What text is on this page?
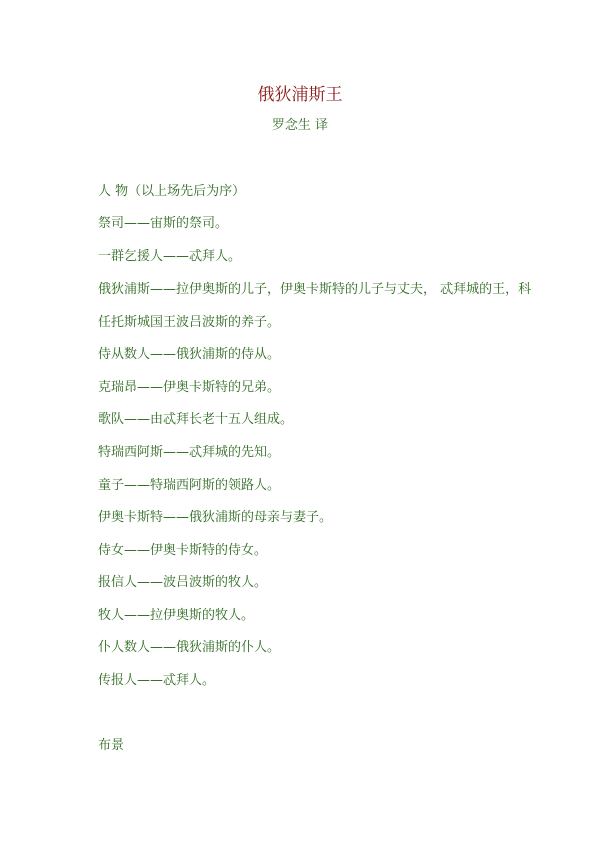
俄狄浦斯王
罗念生 译
人 物（以上场先后为序）
祭司——宙斯的祭司。
一群乞援人——忒拜人。
俄狄浦斯——拉伊奥斯的儿子，伊奥卡斯特的儿子与丈夫， 忒拜城的王，科
任托斯城国王波吕波斯的养子。
侍从数人——俄狄浦斯的侍从。
克瑞昂——伊奥卡斯特的兄弟。
歌队——由忒拜长老十五人组成。
特瑞西阿斯——忒拜城的先知。
童子——特瑞西阿斯的领路人。
伊奥卡斯特——俄狄浦斯的母亲与妻子。
侍女——伊奥卡斯特的侍女。
报信人——波吕波斯的牧人。
牧人——拉伊奥斯的牧人。
仆人数人——俄狄浦斯的仆人。
传报人——忒拜人。
布景
